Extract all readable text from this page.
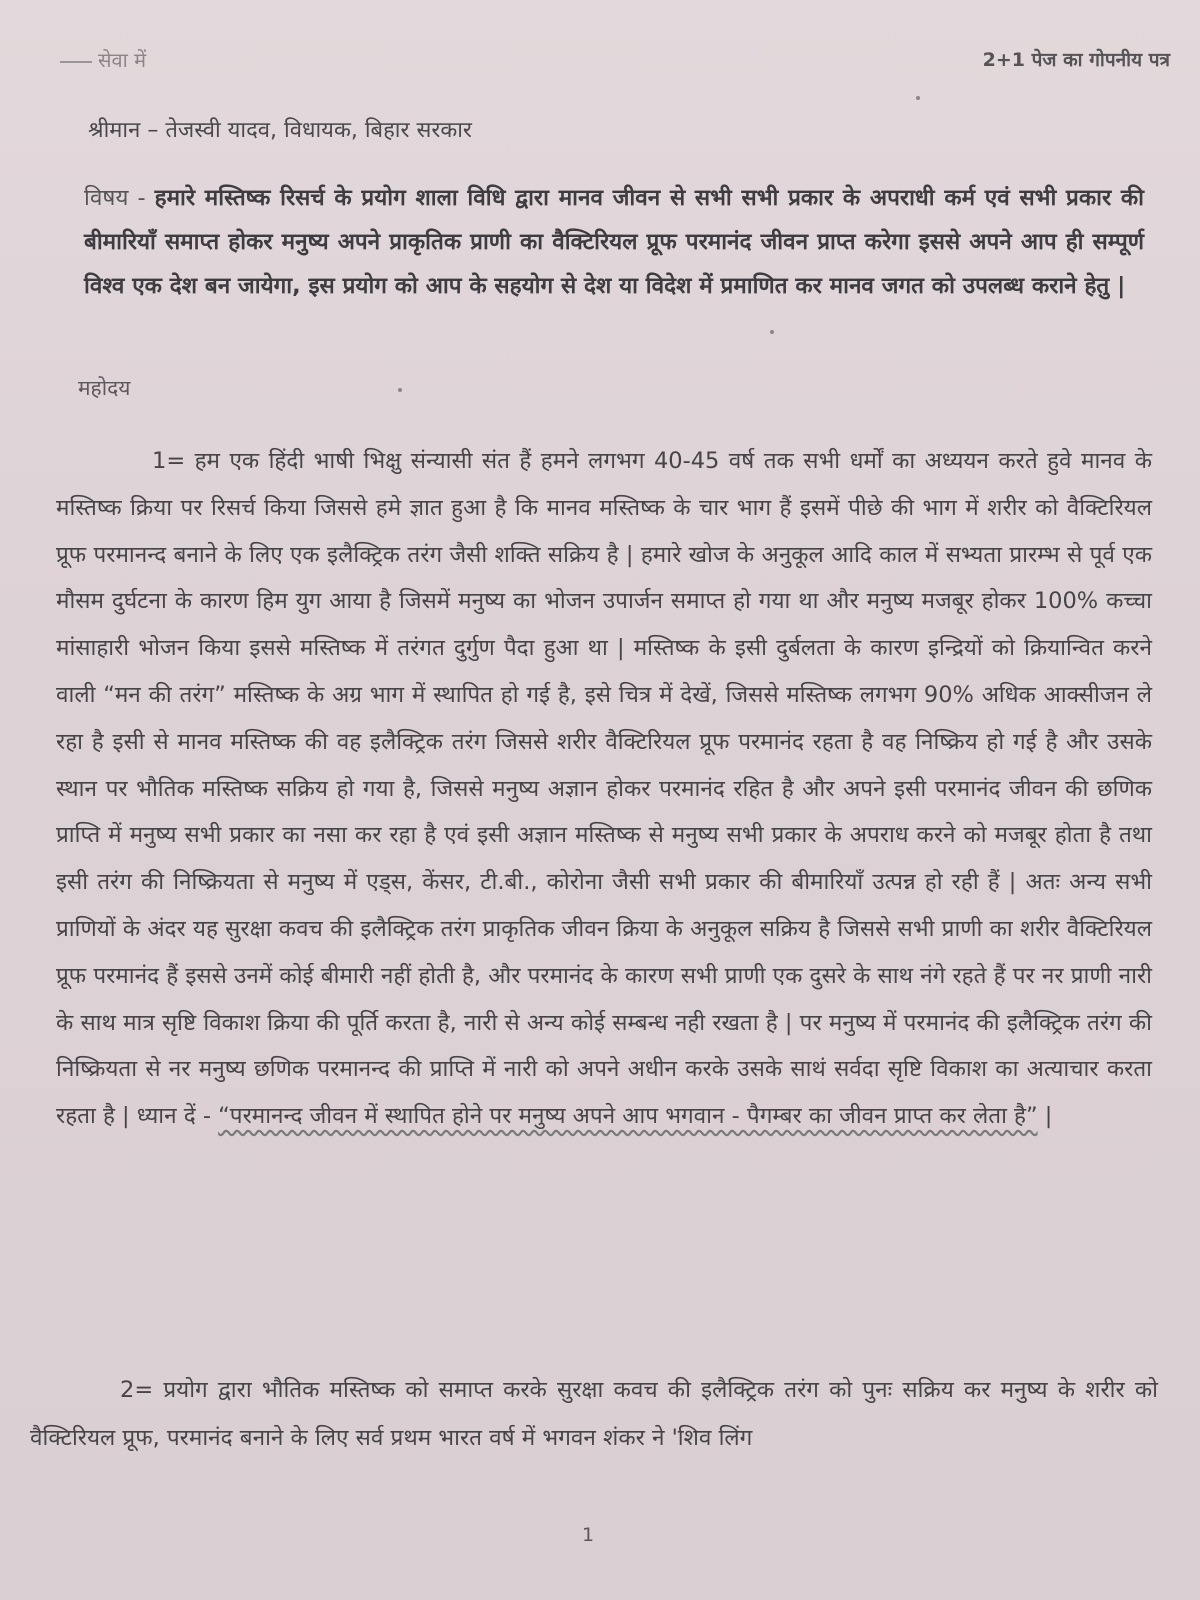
सेवा में	2+1 पेज का गोपनीय पत्र
श्रीमान – तेजस्वी यादव, विधायक, बिहार सरकार
विषय - हमारे मस्तिष्क रिसर्च के प्रयोग शाला विधि द्वारा मानव जीवन से सभी सभी प्रकार के अपराधी कर्म एवं सभी प्रकार की बीमारियाँ समाप्त होकर मनुष्य अपने प्राकृतिक प्राणी का वैक्टिरियल प्रूफ परमानंद जीवन प्राप्त करेगा इससे अपने आप ही सम्पूर्ण विश्व एक देश बन जायेगा, इस प्रयोग को आप के सहयोग से देश या विदेश में प्रमाणित कर मानव जगत को उपलब्ध कराने हेतु |
महोदय
1= हम एक हिंदी भाषी भिक्षु संन्यासी संत हैं हमने लगभग 40-45 वर्ष तक सभी धर्मों का अध्ययन करते हुवे मानव के मस्तिष्क क्रिया पर रिसर्च किया जिससे हमे ज्ञात हुआ है कि मानव मस्तिष्क के चार भाग हैं इसमें पीछे की भाग में शरीर को वैक्टिरियल प्रूफ परमानन्द बनाने के लिए एक इलैक्ट्रिक तरंग जैसी शक्ति सक्रिय है | हमारे खोज के अनुकूल आदि काल में सभ्यता प्रारम्भ से पूर्व एक मौसम दुर्घटना के कारण हिम युग आया है जिसमें मनुष्य का भोजन उपार्जन समाप्त हो गया था और मनुष्य मजबूर होकर 100% कच्चा मांसाहारी भोजन किया इससे मस्तिष्क में तरंगत दुर्गुण पैदा हुआ था | मस्तिष्क के इसी दुर्बलता के कारण इन्द्रियों को क्रियान्वित करने वाली “मन की तरंग” मस्तिष्क के अग्र भाग में स्थापित हो गई है, इसे चित्र में देखें, जिससे मस्तिष्क लगभग 90% अधिक आक्सीजन ले रहा है इसी से मानव मस्तिष्क की वह इलैक्ट्रिक तरंग जिससे शरीर वैक्टिरियल प्रूफ परमानंद रहता है वह निष्क्रिय हो गई है और उसके स्थान पर भौतिक मस्तिष्क सक्रिय हो गया है, जिससे मनुष्य अज्ञान होकर परमानंद रहित है और अपने इसी परमानंद जीवन की छणिक प्राप्ति में मनुष्य सभी प्रकार का नसा कर रहा है एवं इसी अज्ञान मस्तिष्क से मनुष्य सभी प्रकार के अपराध करने को मजबूर होता है तथा इसी तरंग की निष्क्रियता से मनुष्य में एड्स, केंसर, टी.बी., कोरोना जैसी सभी प्रकार की बीमारियाँ उत्पन्न हो रही हैं | अतः अन्य सभी प्राणियों के अंदर यह सुरक्षा कवच की इलैक्ट्रिक तरंग प्राकृतिक जीवन क्रिया के अनुकूल सक्रिय है जिससे सभी प्राणी का शरीर वैक्टिरियल प्रूफ परमानंद हैं इससे उनमें कोई बीमारी नहीं होती है, और परमानंद के कारण सभी प्राणी एक दुसरे के साथ नंगे रहते हैं पर नर प्राणी नारी के साथ मात्र सृष्टि विकाश क्रिया की पूर्ति करता है, नारी से अन्य कोई सम्बन्ध नही रखता है | पर मनुष्य में परमानंद की इलैक्ट्रिक तरंग की निष्क्रियता से नर मनुष्य छणिक परमानन्द की प्राप्ति में नारी को अपने अधीन करके उसके साथं सर्वदा सृष्टि विकाश का अत्याचार करता रहता है | ध्यान दें - “परमानन्द जीवन में स्थापित होने पर मनुष्य अपने आप भगवान - पैगम्बर का जीवन प्राप्त कर लेता है” |
2= प्रयोग द्वारा भौतिक मस्तिष्क को समाप्त करके सुरक्षा कवच की इलैक्ट्रिक तरंग को पुनः सक्रिय कर मनुष्य के शरीर को वैक्टिरियल प्रूफ, परमानंद बनाने के लिए सर्व प्रथम भारत वर्ष में भगवन शंकर ने 'शिव लिंग
1
